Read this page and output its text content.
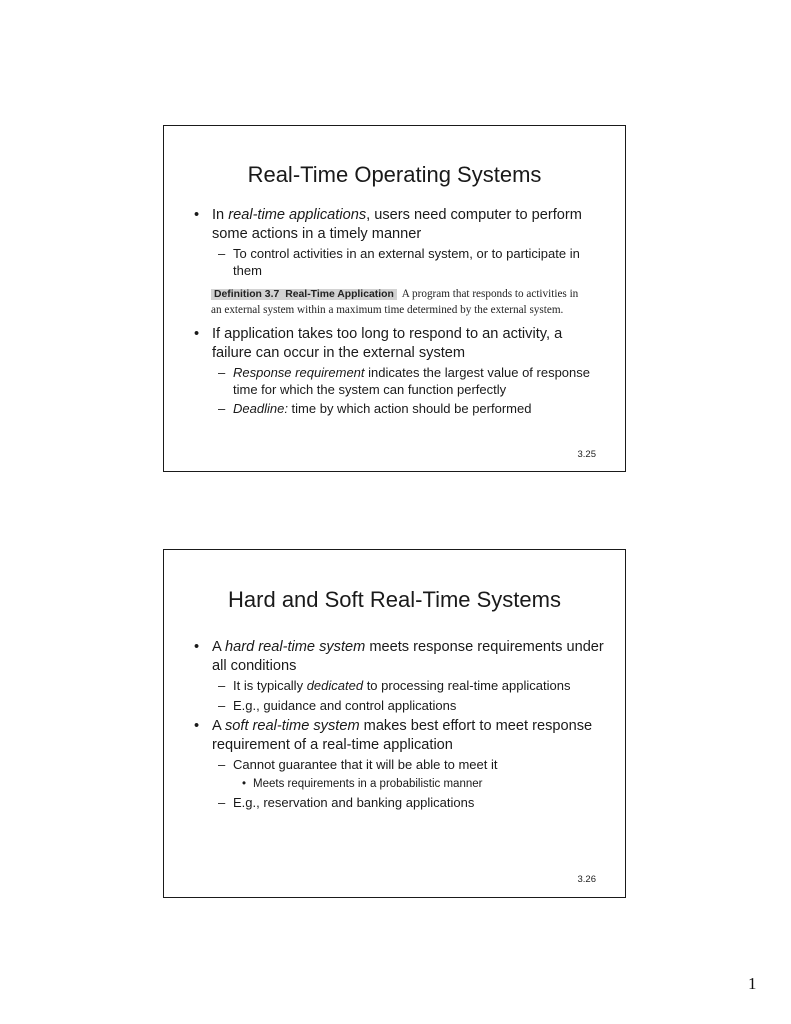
Real-Time Operating Systems
• In real-time applications, users need computer to perform some actions in a timely manner
– To control activities in an external system, or to participate in them
Definition 3.7 Real-Time Application A program that responds to activities in an external system within a maximum time determined by the external system.
• If application takes too long to respond to an activity, a failure can occur in the external system
– Response requirement indicates the largest value of response time for which the system can function perfectly
– Deadline: time by which action should be performed
3.25
Hard and Soft Real-Time Systems
• A hard real-time system meets response requirements under all conditions
– It is typically dedicated to processing real-time applications
– E.g., guidance and control applications
• A soft real-time system makes best effort to meet response requirement of a real-time application
– Cannot guarantee that it will be able to meet it
• Meets requirements in a probabilistic manner
– E.g., reservation and banking applications
3.26
1
